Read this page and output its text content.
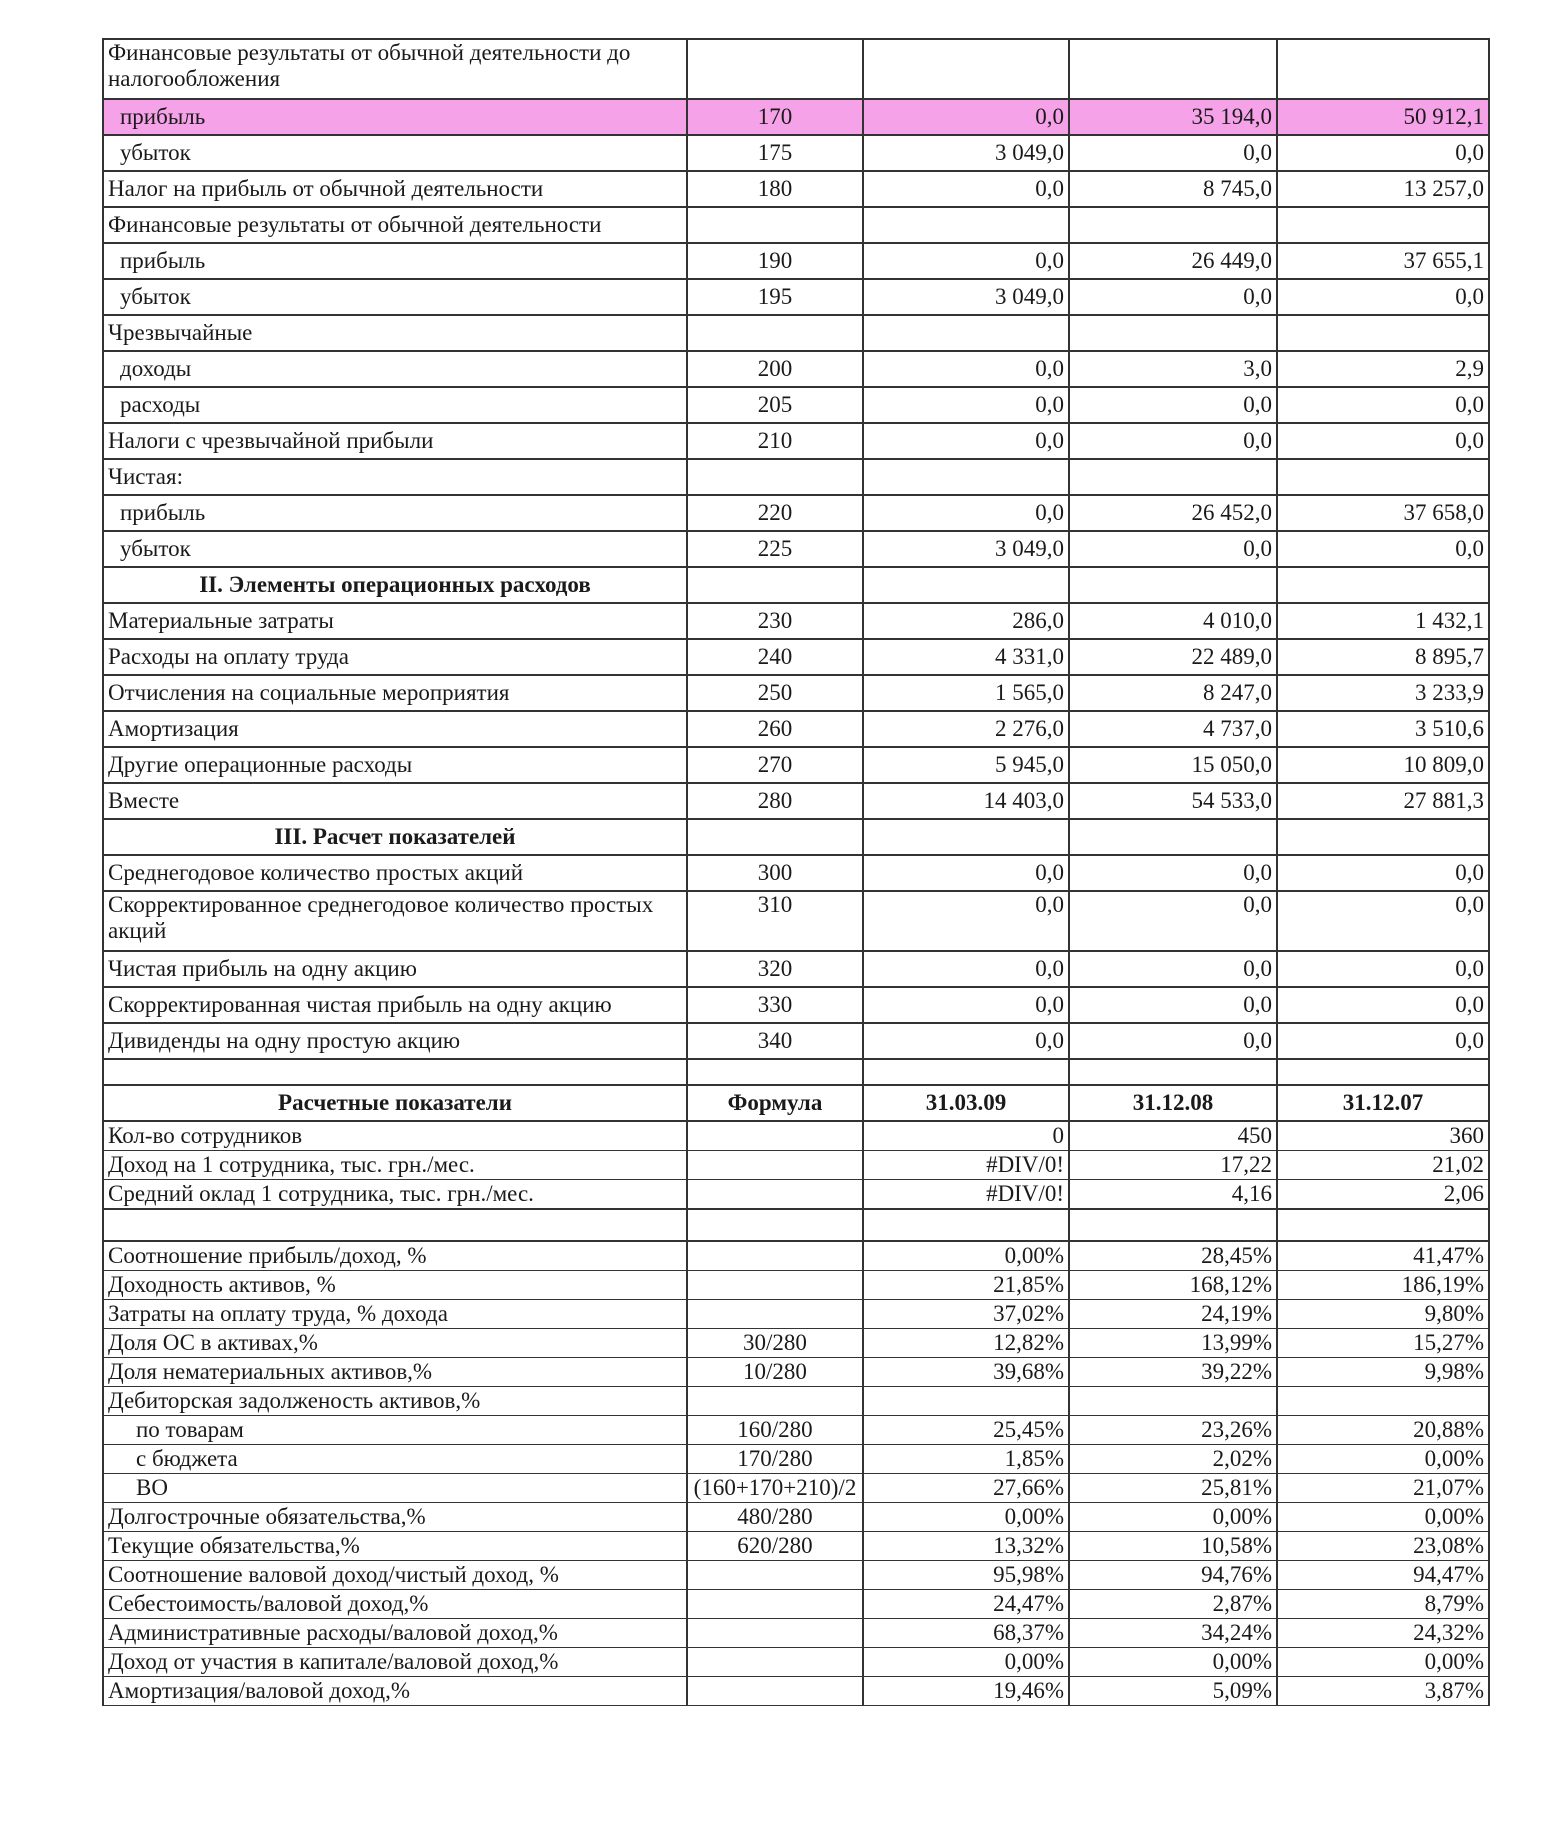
Финансовые результаты от обычной деятельности до налогообложения				
прибыль	170	0,0	35 194,0	50 912,1
убыток	175	3 049,0	0,0	0,0
Налог на прибыль от обычной деятельности	180	0,0	8 745,0	13 257,0
Финансовые результаты от обычной деятельности				
прибыль	190	0,0	26 449,0	37 655,1
убыток	195	3 049,0	0,0	0,0
Чрезвычайные				
доходы	200	0,0	3,0	2,9
расходы	205	0,0	0,0	0,0
Налоги с чрезвычайной прибыли	210	0,0	0,0	0,0
Чистая:				
прибыль	220	0,0	26 452,0	37 658,0
убыток	225	3 049,0	0,0	0,0
II. Элементы операционных расходов				
Материальные затраты	230	286,0	4 010,0	1 432,1
Расходы на оплату труда	240	4 331,0	22 489,0	8 895,7
Отчисления на социальные мероприятия	250	1 565,0	8 247,0	3 233,9
Амортизация	260	2 276,0	4 737,0	3 510,6
Другие операционные расходы	270	5 945,0	15 050,0	10 809,0
Вместе	280	14 403,0	54 533,0	27 881,3
III. Расчет показателей				
Среднегодовое количество простых акций	300	0,0	0,0	0,0
Скорректированное среднегодовое количество простых акций	310	0,0	0,0	0,0
Чистая прибыль на одну акцию	320	0,0	0,0	0,0
Скорректированная чистая прибыль на одну акцию	330	0,0	0,0	0,0
Дивиденды на одну простую акцию	340	0,0	0,0	0,0

Расчетные показатели	Формула	31.03.09	31.12.08	31.12.07
Кол-во сотрудников		0	450	360
Доход на 1 сотрудника, тыс. грн./мес.		#DIV/0!	17,22	21,02
Средний оклад 1 сотрудника, тыс. грн./мес.		#DIV/0!	4,16	2,06

Соотношение прибыль/доход, %		0,00%	28,45%	41,47%
Доходность активов, %		21,85%	168,12%	186,19%
Затраты на оплату труда, % дохода		37,02%	24,19%	9,80%
Доля ОС в активах,%	30/280	12,82%	13,99%	15,27%
Доля нематериальных активов,%	10/280	39,68%	39,22%	9,98%
Дебиторская задолженость активов,%				
по товарам	160/280	25,45%	23,26%	20,88%
с бюджета	170/280	1,85%	2,02%	0,00%
ВО	(160+170+210)/2	27,66%	25,81%	21,07%
Долгострочные обязательства,%	480/280	0,00%	0,00%	0,00%
Текущие обязательства,%	620/280	13,32%	10,58%	23,08%
Соотношение валовой доход/чистый доход, %		95,98%	94,76%	94,47%
Себестоимость/валовой доход,%		24,47%	2,87%	8,79%
Административные расходы/валовой доход,%		68,37%	34,24%	24,32%
Доход от участия в капитале/валовой доход,%		0,00%	0,00%	0,00%
Амортизация/валовой доход,%		19,46%	5,09%	3,87%
